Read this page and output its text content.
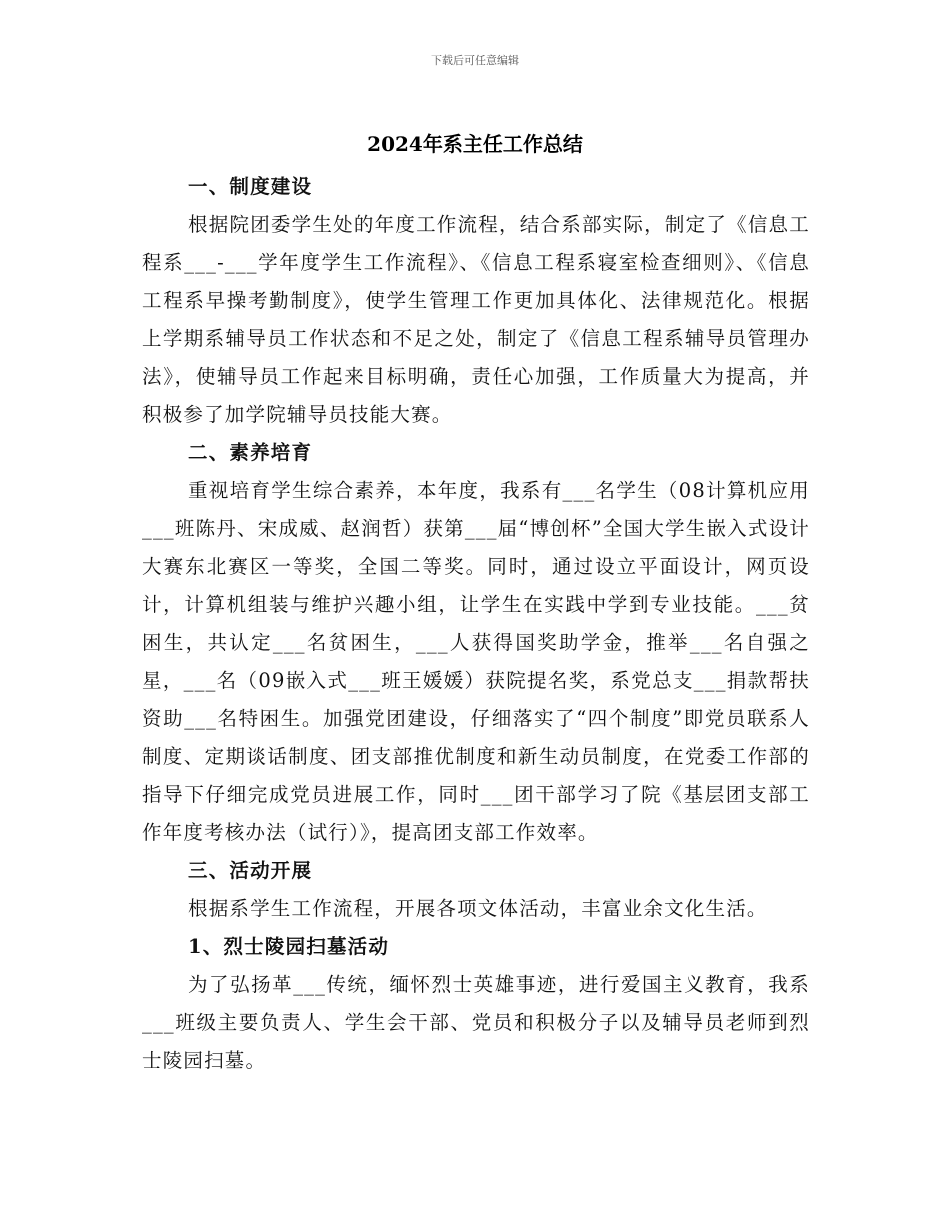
下载后可任意编辑
2024年系主任工作总结

一、制度建设

根据院团委学生处的年度工作流程，结合系部实际，制定了《信息工程系___-___学年度学生工作流程》、《信息工程系寝室检查细则》、《信息工程系早操考勤制度》，使学生管理工作更加具体化、法律规范化。根据上学期系辅导员工作状态和不足之处，制定了《信息工程系辅导员管理办法》，使辅导员工作起来目标明确，责任心加强，工作质量大为提高，并积极参了加学院辅导员技能大赛。

二、素养培育

重视培育学生综合素养，本年度，我系有___名学生（08计算机应用___班陈丹、宋成威、赵润哲）获第___届“博创杯”全国大学生嵌入式设计大赛东北赛区一等奖，全国二等奖。同时，通过设立平面设计，网页设计，计算机组装与维护兴趣小组，让学生在实践中学到专业技能。___贫困生，共认定___名贫困生，___人获得国奖助学金，推举___名自强之星，___名（09嵌入式___班王媛媛）获院提名奖，系党总支___捐款帮扶资助___名特困生。加强党团建设，仔细落实了“四个制度”即党员联系人制度、定期谈话制度、团支部推优制度和新生动员制度，在党委工作部的指导下仔细完成党员进展工作，同时___团干部学习了院《基层团支部工作年度考核办法（试行）》，提高团支部工作效率。

三、活动开展

根据系学生工作流程，开展各项文体活动，丰富业余文化生活。

1、烈士陵园扫墓活动

为了弘扬革___传统，缅怀烈士英雄事迹，进行爱国主义教育，我系___班级主要负责人、学生会干部、党员和积极分子以及辅导员老师到烈士陵园扫墓。
